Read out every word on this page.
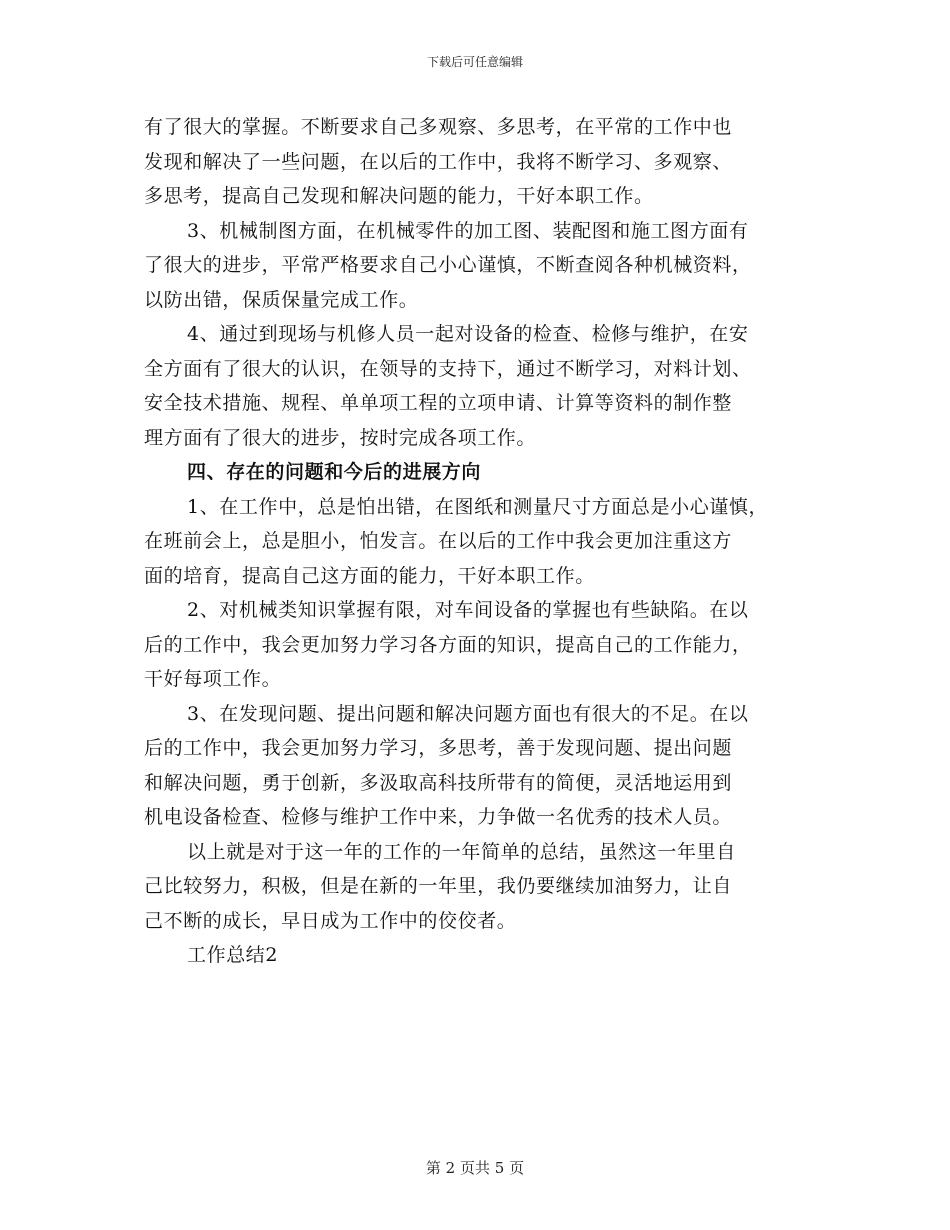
下载后可任意编辑
有了很大的掌握。不断要求自己多观察、多思考，在平常的工作中也
发现和解决了一些问题，在以后的工作中，我将不断学习、多观察、
多思考，提高自己发现和解决问题的能力，干好本职工作。
3、机械制图方面，在机械零件的加工图、装配图和施工图方面有
了很大的进步，平常严格要求自己小心谨慎，不断查阅各种机械资料，
以防出错，保质保量完成工作。
4、通过到现场与机修人员一起对设备的检查、检修与维护，在安
全方面有了很大的认识，在领导的支持下，通过不断学习，对料计划、
安全技术措施、规程、单单项工程的立项申请、计算等资料的制作整
理方面有了很大的进步，按时完成各项工作。
四、存在的问题和今后的进展方向
1、在工作中，总是怕出错，在图纸和测量尺寸方面总是小心谨慎，
在班前会上，总是胆小，怕发言。在以后的工作中我会更加注重这方
面的培育，提高自己这方面的能力，干好本职工作。
2、对机械类知识掌握有限，对车间设备的掌握也有些缺陷。在以
后的工作中，我会更加努力学习各方面的知识，提高自己的工作能力，
干好每项工作。
3、在发现问题、提出问题和解决问题方面也有很大的不足。在以
后的工作中，我会更加努力学习，多思考，善于发现问题、提出问题
和解决问题，勇于创新，多汲取高科技所带有的简便，灵活地运用到
机电设备检查、检修与维护工作中来，力争做一名优秀的技术人员。
以上就是对于这一年的工作的一年简单的总结，虽然这一年里自
己比较努力，积极，但是在新的一年里，我仍要继续加油努力，让自
己不断的成长，早日成为工作中的佼佼者。
工作总结2
第 2 页共 5 页
